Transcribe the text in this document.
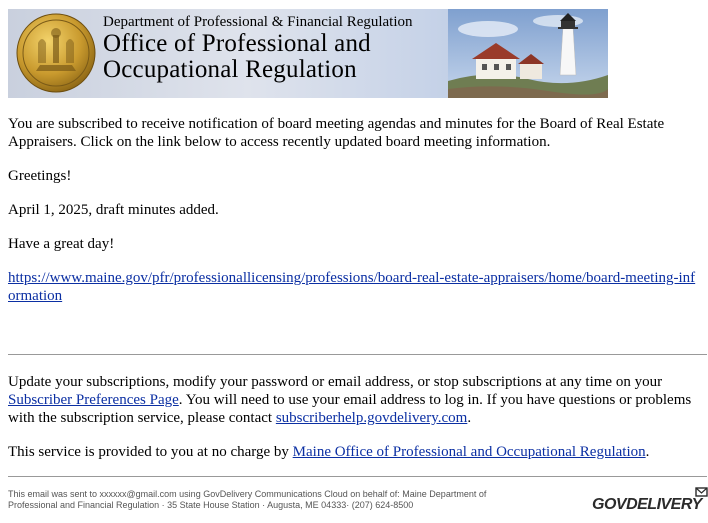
Department of Professional & Financial Regulation
Office of Professional and
Occupational Regulation

You are subscribed to receive notification of board meeting agendas and minutes for the Board of Real Estate Appraisers. Click on the link below to access recently updated board meeting information.

Greetings!

April 1, 2025, draft minutes added.

Have a great day!

https://www.maine.gov/pfr/professionallicensing/professions/board-real-estate-appraisers/home/board-meeting-information

Update your subscriptions, modify your password or email address, or stop subscriptions at any time on your Subscriber Preferences Page. You will need to use your email address to log in. If you have questions or problems with the subscription service, please contact subscriberhelp.govdelivery.com.

This service is provided to you at no charge by Maine Office of Professional and Occupational Regulation.

This email was sent to xxxxxx@gmail.com using GovDelivery Communications Cloud on behalf of: Maine Department of
Professional and Financial Regulation · 35 State House Station · Augusta, ME 04333· (207) 624-8500	GOVDELIVERY
